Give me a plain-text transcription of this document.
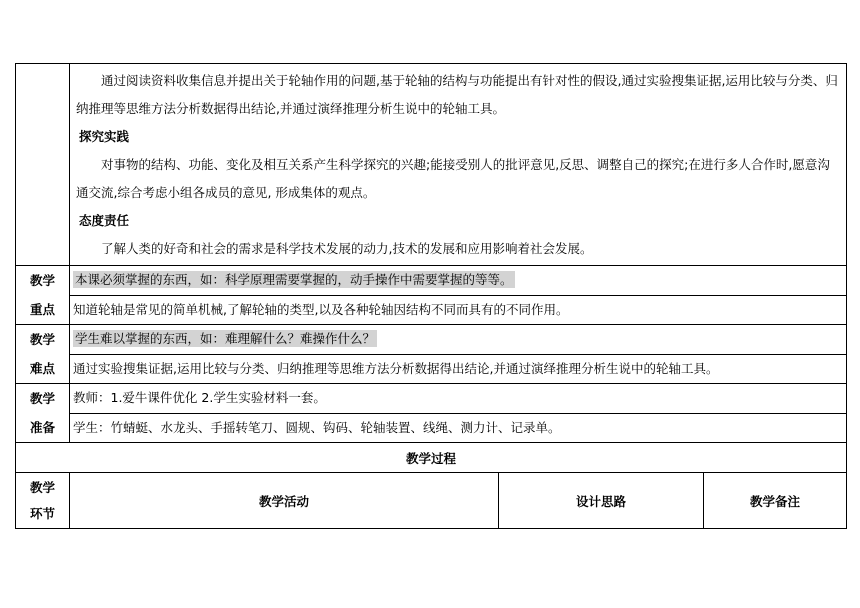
	通过阅读资料收集信息并提出关于轮轴作用的问题,基于轮轴的结构与功能提出有针对性的假设,通过实验搜集证据,运用比较与分类、归纳推理等思维方法分析数据得出结论,并通过演绎推理分析生说中的轮轴工具。

探究实践

对事物的结构、功能、变化及相互关系产生科学探究的兴趣;能接受别人的批评意见,反思、调整自己的探究;在进行多人合作时,愿意沟通交流,综合考虑小组各成员的意见, 形成集体的观点。

态度责任

了解人类的好奇和社会的需求是科学技术发展的动力,技术的发展和应用影响着社会发展。		

教学
重点	本课必须掌握的东西，如：科学原理需要掌握的，动手操作中需要掌握的等等。		

	知道轮轴是常见的简单机械,了解轮轴的类型,以及各种轮轴因结构不同而具有的不同作用。		

教学
难点	学生难以掌握的东西，如：难理解什么？难操作什么？		

	通过实验搜集证据,运用比较与分类、归纳推理等思维方法分析数据得出结论,并通过演绎推理分析生说中的轮轴工具。		

教学
准备	教师：1.爱牛课件优化 2.学生实验材料一套。		

	学生：竹蜻蜓、水龙头、手摇转笔刀、圆规、钩码、轮轴装置、线绳、测力计、记录单。		

教学过程			

教学
环节	教学活动	设计思路	教学备注
